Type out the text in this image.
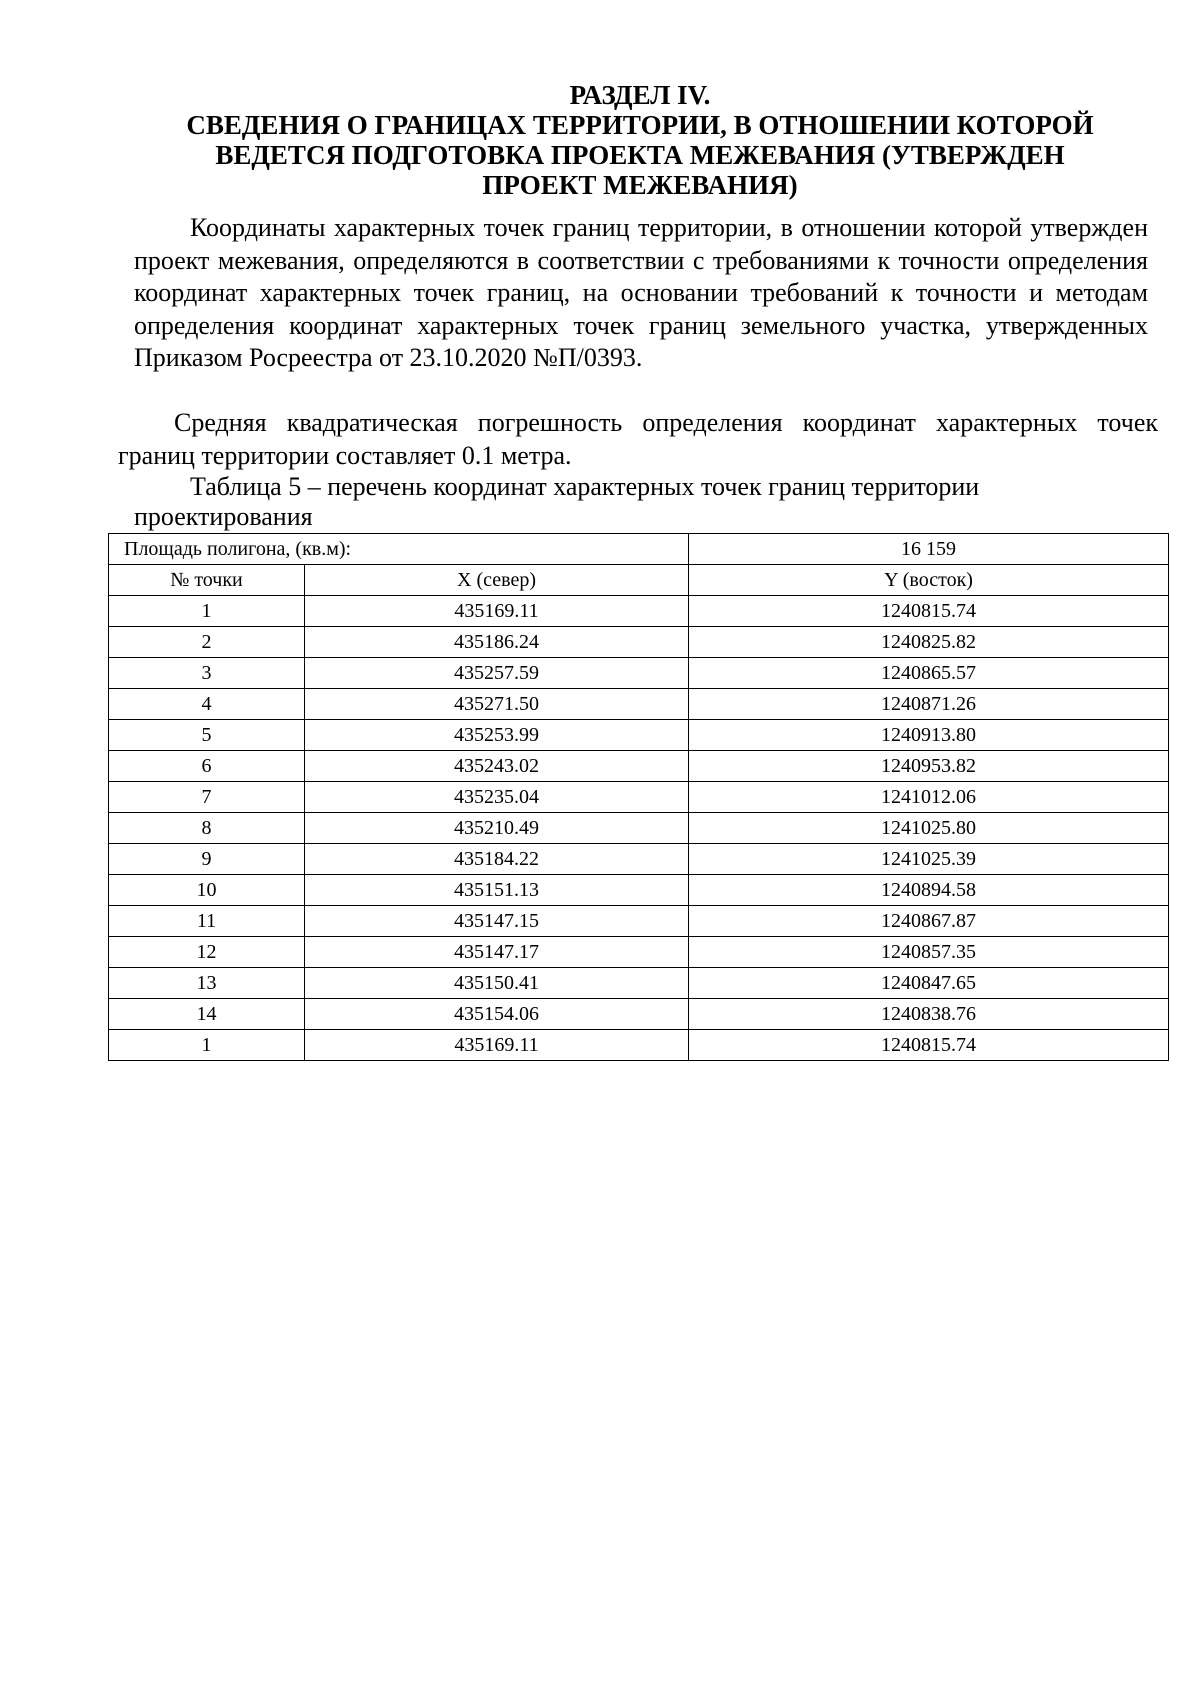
РАЗДЕЛ IV.
СВЕДЕНИЯ О ГРАНИЦАХ ТЕРРИТОРИИ, В ОТНОШЕНИИ КОТОРОЙ
ВЕДЕТСЯ ПОДГОТОВКА ПРОЕКТА МЕЖЕВАНИЯ (УТВЕРЖДЕН
ПРОЕКТ МЕЖЕВАНИЯ)
Координаты характерных точек границ территории, в отношении которой утвержден проект межевания, определяются в соответствии с требованиями к точности определения координат характерных точек границ, на основании требований к точности и методам определения координат характерных точек границ земельного участка, утвержденных Приказом Росреестра от 23.10.2020 №П/0393.
Средняя квадратическая погрешность определения координат характерных точек границ территории составляет 0.1 метра.
Таблица 5 – перечень координат характерных точек границ территории проектирования
Площадь полигона, (кв.м):		16 159
№ точки	X (север)	Y (восток)
1	435169.11	1240815.74
2	435186.24	1240825.82
3	435257.59	1240865.57
4	435271.50	1240871.26
5	435253.99	1240913.80
6	435243.02	1240953.82
7	435235.04	1241012.06
8	435210.49	1241025.80
9	435184.22	1241025.39
10	435151.13	1240894.58
11	435147.15	1240867.87
12	435147.17	1240857.35
13	435150.41	1240847.65
14	435154.06	1240838.76
1	435169.11	1240815.74
